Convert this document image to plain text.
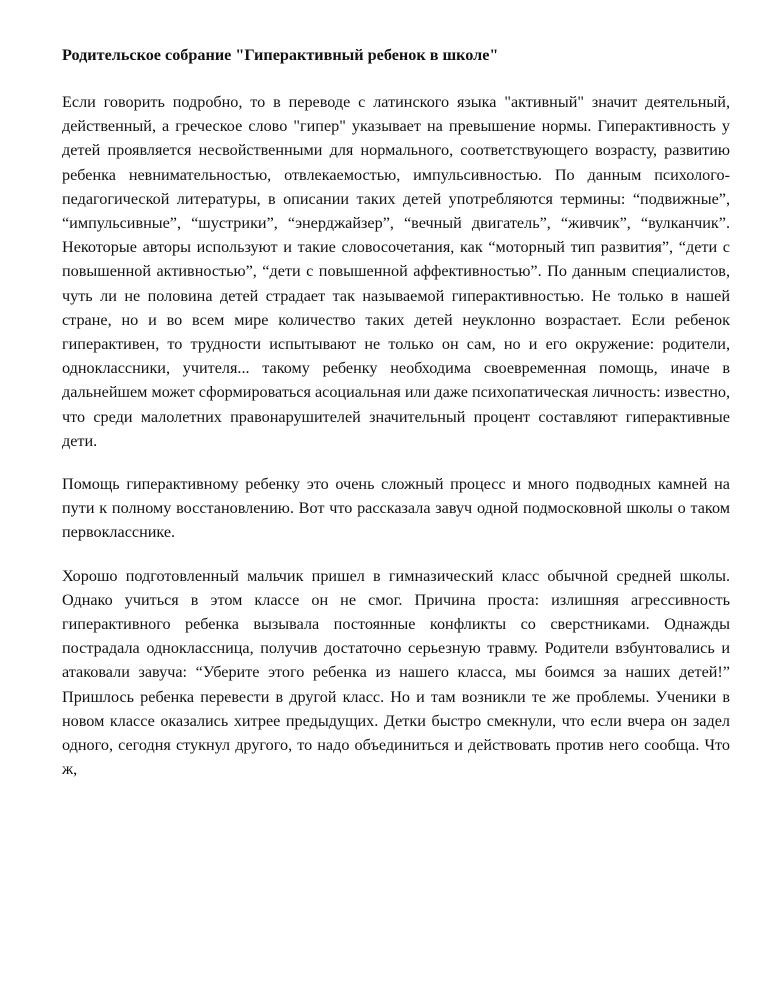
Родительское собрание "Гиперактивный ребенок в школе"

Если говорить подробно, то в переводе с латинского языка "активный" значит деятельный, действенный, а греческое слово "гипер" указывает на превышение нормы. Гиперактивность у детей проявляется несвойственными для нормального, соответствующего возрасту, развитию ребенка невнимательностью, отвлекаемостью, импульсивностью. По данным психолого-педагогической литературы, в описании таких детей употребляются термины: “подвижные”, “импульсивные”, “шустрики”, “энерджайзер”, “вечный двигатель”, “живчик”, “вулканчик”. Некоторые авторы используют и такие словосочетания, как “моторный тип развития”, “дети с повышенной активностью”, “дети с повышенной аффективностью”. По данным специалистов, чуть ли не половина детей страдает так называемой гиперактивностью. Не только в нашей стране, но и во всем мире количество таких детей неуклонно возрастает. Если ребенок гиперактивен, то трудности испытывают не только он сам, но и его окружение: родители, одноклассники, учителя... такому ребенку необходима своевременная помощь, иначе в дальнейшем может сформироваться асоциальная или даже психопатическая личность: известно, что среди малолетних правонарушителей значительный процент составляют гиперактивные дети.

Помощь гиперактивному ребенку это очень сложный процесс и много подводных камней на пути к полному восстановлению. Вот что рассказала завуч одной подмосковной школы о таком первокласснике.

Хорошо подготовленный мальчик пришел в гимназический класс обычной средней школы. Однако учиться в этом классе он не смог. Причина проста: излишняя агрессивность гиперактивного ребенка вызывала постоянные конфликты со сверстниками. Однажды пострадала одноклассница, получив достаточно серьезную травму. Родители взбунтовались и атаковали завуча: “Уберите этого ребенка из нашего класса, мы боимся за наших детей!” Пришлось ребенка перевести в другой класс. Но и там возникли те же проблемы. Ученики в новом классе оказались хитрее предыдущих. Детки быстро смекнули, что если вчера он задел одного, сегодня стукнул другого, то надо объединиться и действовать против него сообща. Что ж,
